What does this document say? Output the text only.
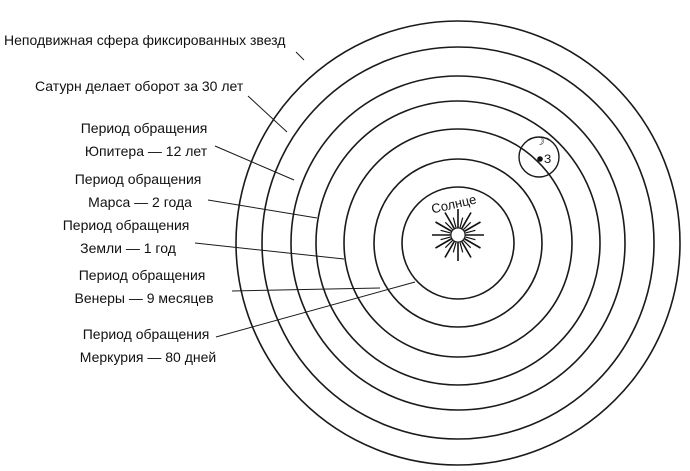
Солнце
З
☽
Неподвижная сфера фиксированных звезд
Сатурн делает оборот за 30 лет
Период обращения Юпитера — 12 лет
Период обращения Марса — 2 года
Период обращения Земли — 1 год
Период обращения Венеры — 9 месяцев
Период обращения Меркурия — 80 дней
